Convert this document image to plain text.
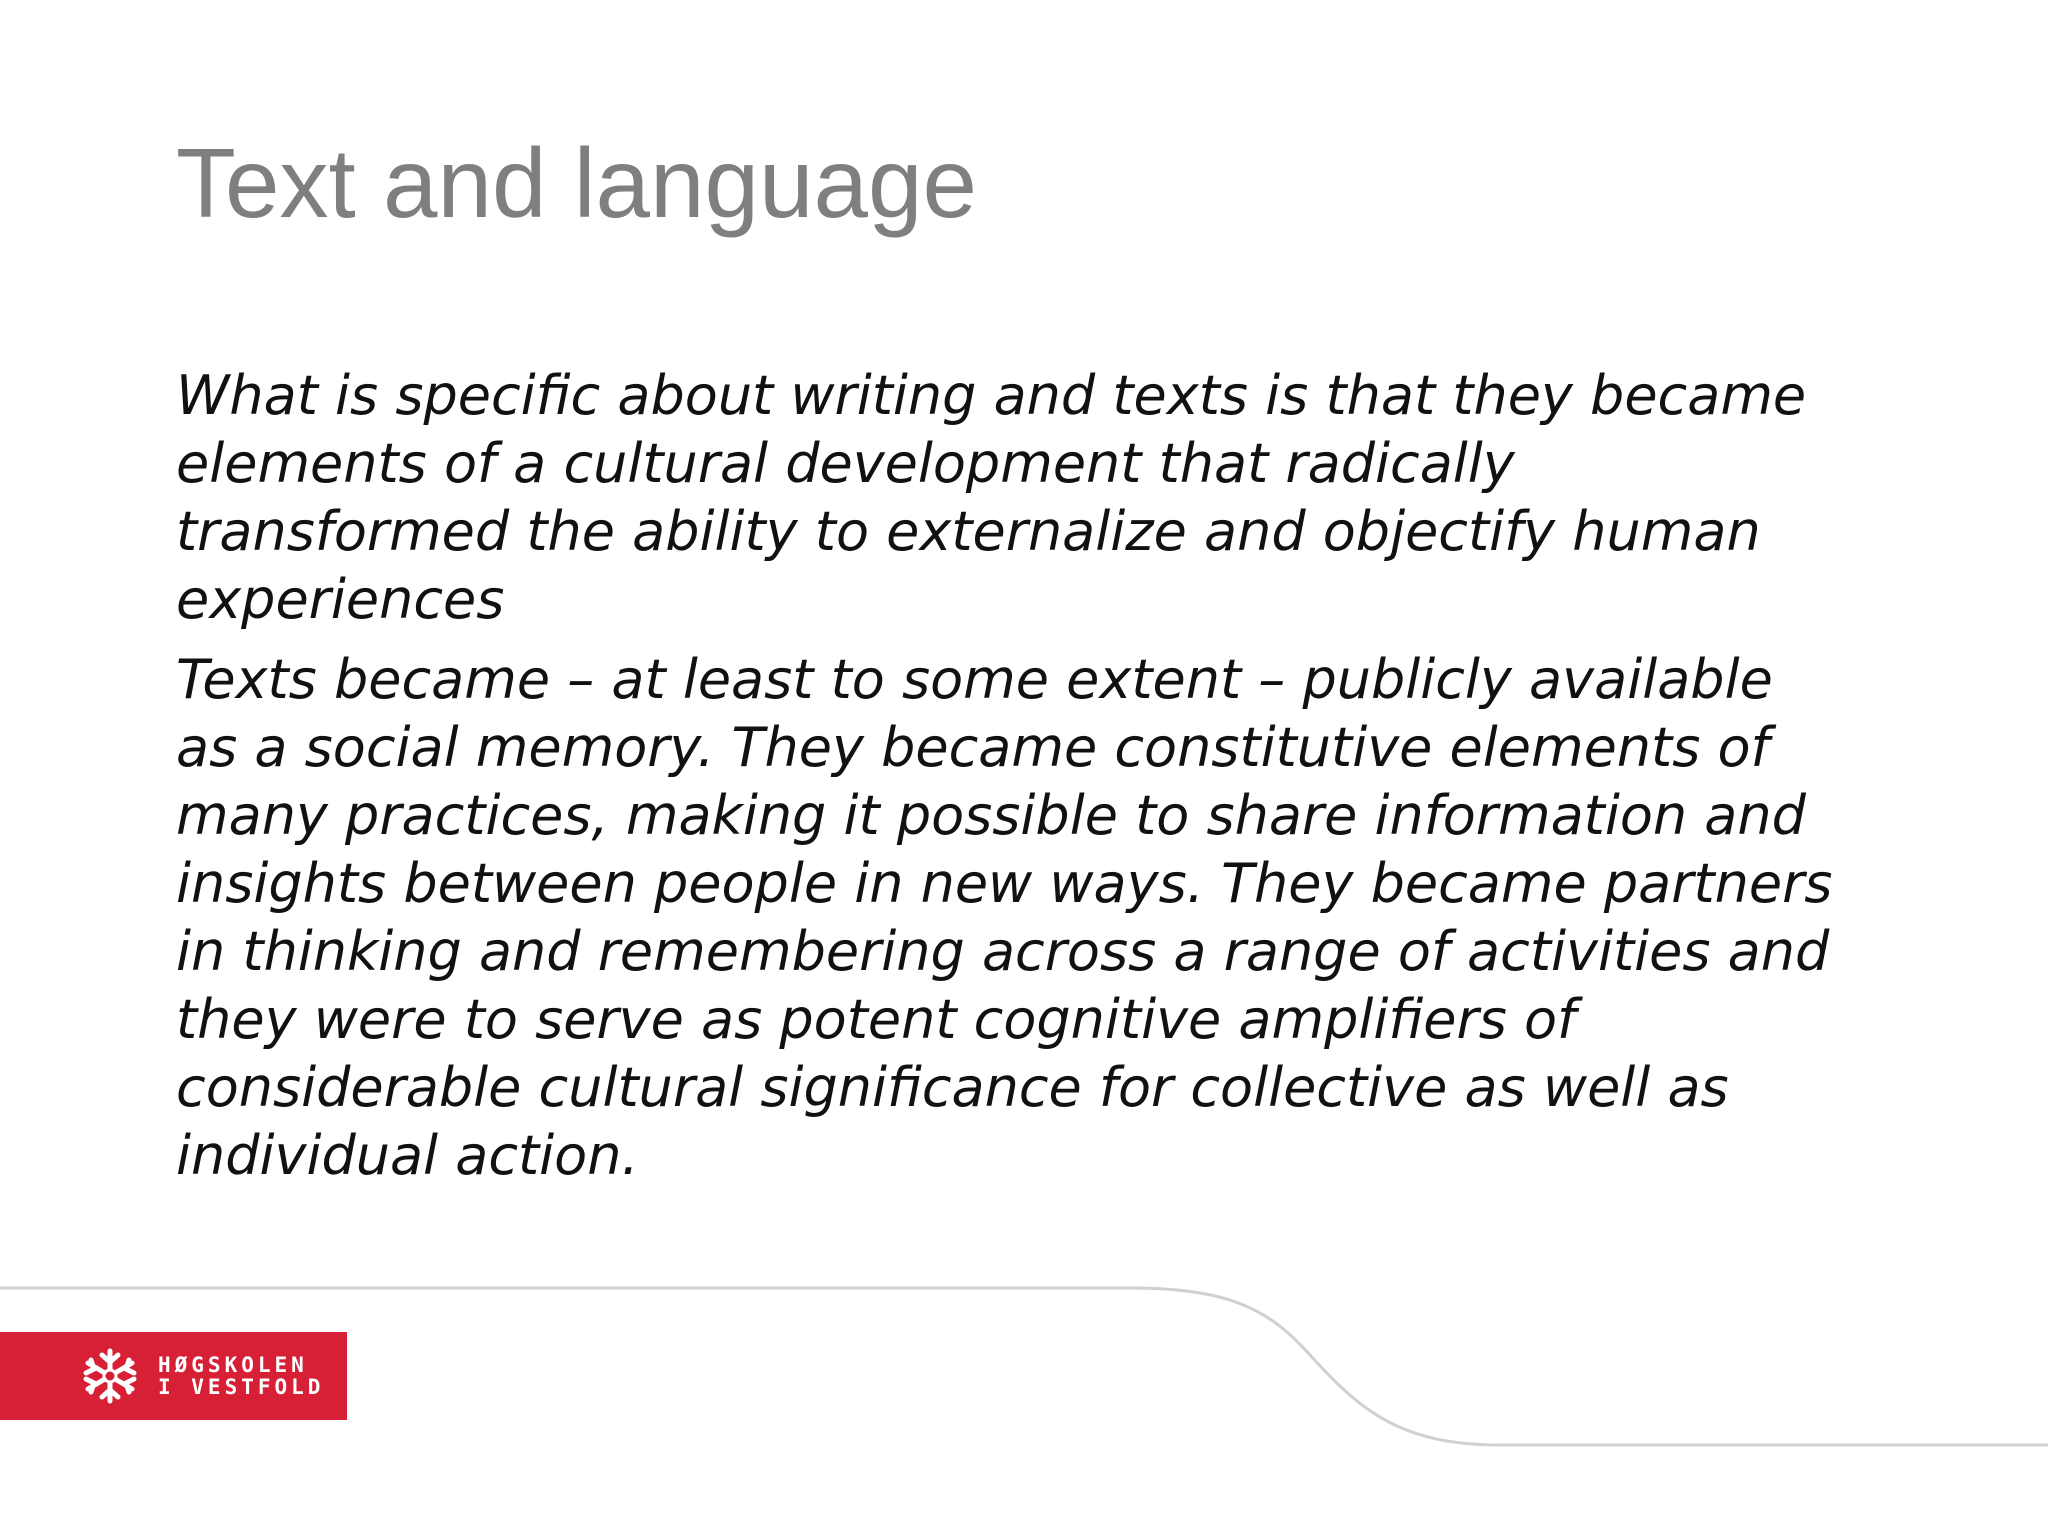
Text and language

What is specific about writing and texts is that they became
elements of a cultural development that radically
transformed the ability to externalize and objectify human
experiences

Texts became – at least to some extent – publicly available
as a social memory. They became constitutive elements of
many practices, making it possible to share information and
insights between people in new ways. They became partners
in thinking and remembering across a range of activities and
they were to serve as potent cognitive amplifiers of
considerable cultural significance for collective as well as
individual action.

HØGSKOLEN
I VESTFOLD
